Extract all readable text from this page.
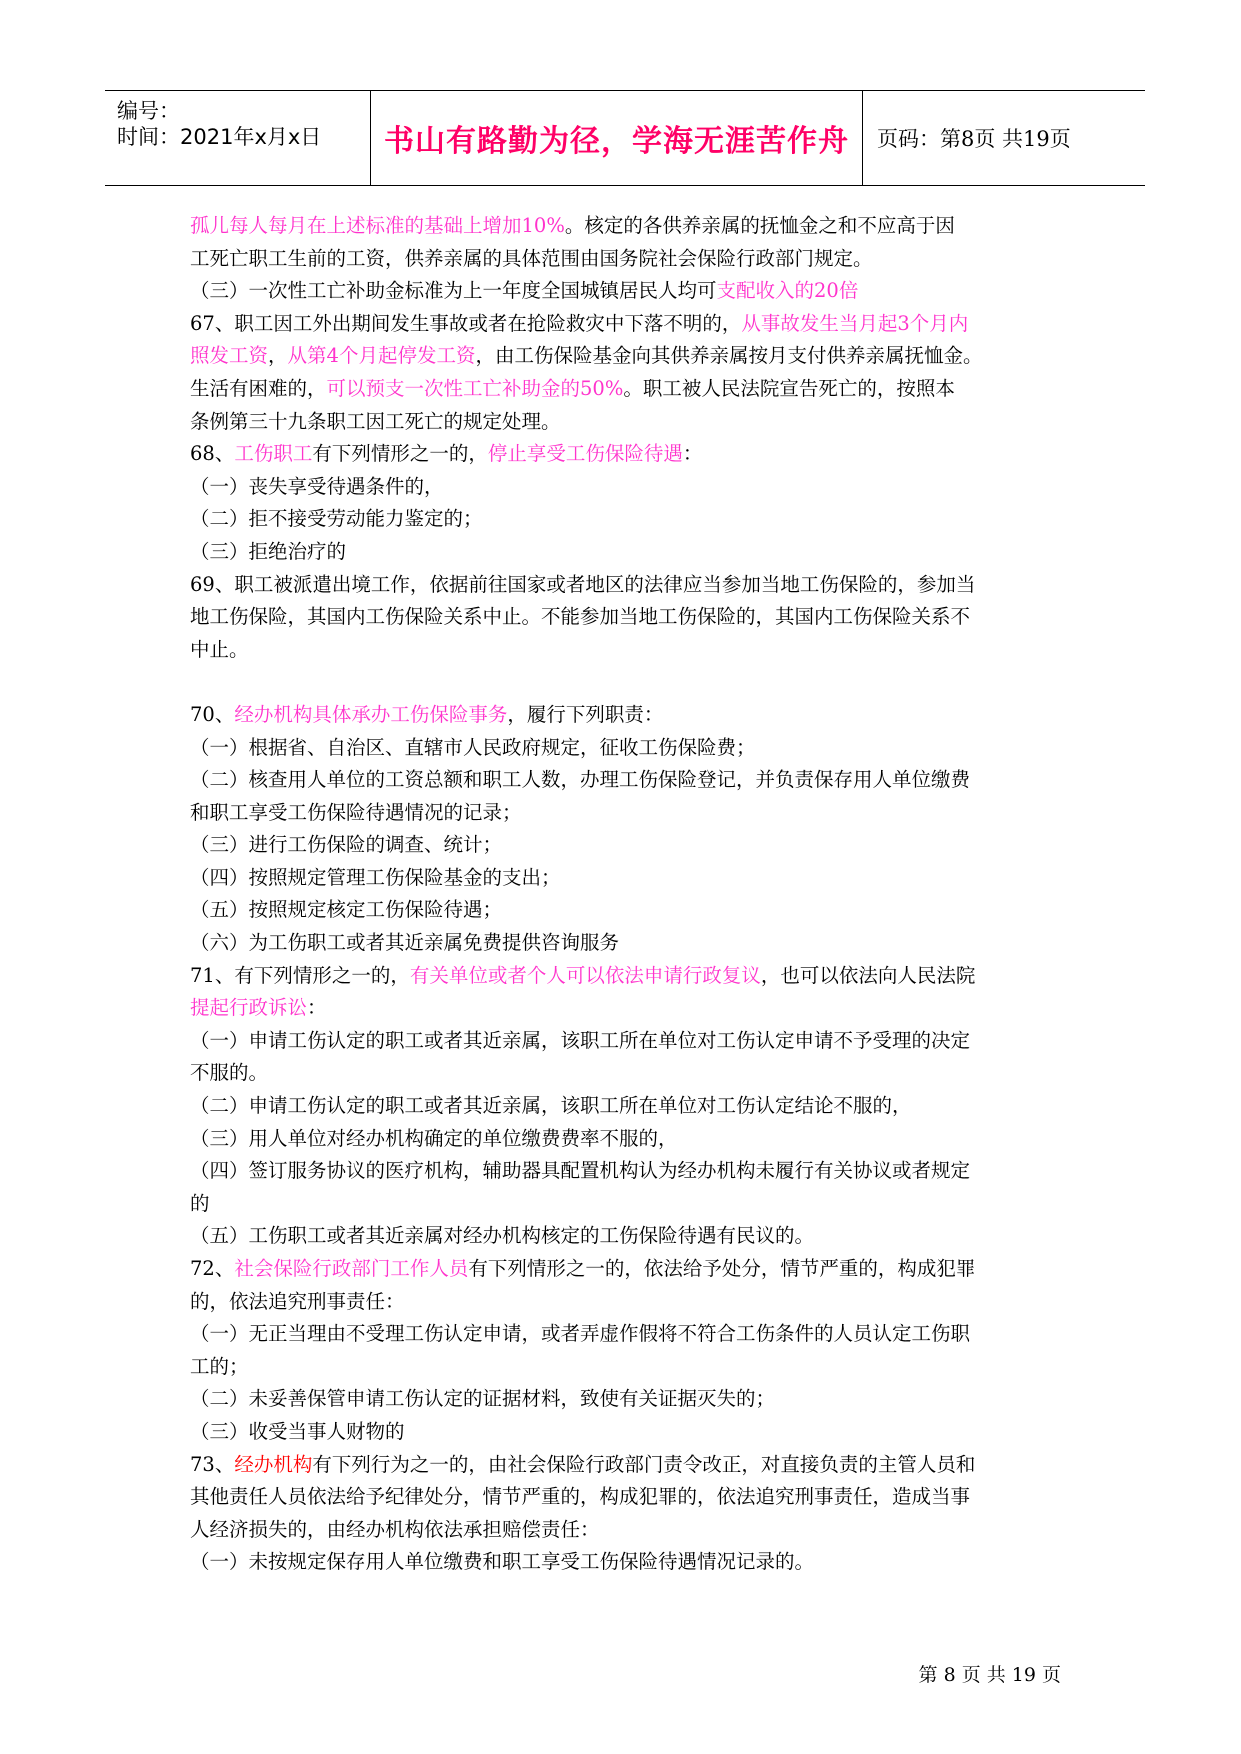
编号：
时间：2021年x月x日 书山有路勤为径，学海无涯苦作舟 页码：第8页 共19页

孤儿每人每月在上述标准的基础上增加10%。核定的各供养亲属的抚恤金之和不应高于因

工死亡职工生前的工资，供养亲属的具体范围由国务院社会保险行政部门规定。

（三）一次性工亡补助金标准为上一年度全国城镇居民人均可支配收入的20倍

67、职工因工外出期间发生事故或者在抢险救灾中下落不明的，从事故发生当月起3个月内

照发工资，从第4个月起停发工资，由工伤保险基金向其供养亲属按月支付供养亲属抚恤金。

生活有困难的，可以预支一次性工亡补助金的50%。职工被人民法院宣告死亡的，按照本

条例第三十九条职工因工死亡的规定处理。

68、工伤职工有下列情形之一的，停止享受工伤保险待遇：

（一）丧失享受待遇条件的，

（二）拒不接受劳动能力鉴定的；

（三）拒绝治疗的

69、职工被派遣出境工作，依据前往国家或者地区的法律应当参加当地工伤保险的，参加当

地工伤保险，其国内工伤保险关系中止。不能参加当地工伤保险的，其国内工伤保险关系不

中止。

70、经办机构具体承办工伤保险事务，履行下列职责：

（一）根据省、自治区、直辖市人民政府规定，征收工伤保险费；

（二）核查用人单位的工资总额和职工人数，办理工伤保险登记，并负责保存用人单位缴费

和职工享受工伤保险待遇情况的记录；

（三）进行工伤保险的调查、统计；

（四）按照规定管理工伤保险基金的支出；

（五）按照规定核定工伤保险待遇；

（六）为工伤职工或者其近亲属免费提供咨询服务

71、有下列情形之一的，有关单位或者个人可以依法申请行政复议，也可以依法向人民法院

提起行政诉讼：

（一）申请工伤认定的职工或者其近亲属，该职工所在单位对工伤认定申请不予受理的决定

不服的。

（二）申请工伤认定的职工或者其近亲属，该职工所在单位对工伤认定结论不服的，

（三）用人单位对经办机构确定的单位缴费费率不服的，

（四）签订服务协议的医疗机构，辅助器具配置机构认为经办机构未履行有关协议或者规定

的

（五）工伤职工或者其近亲属对经办机构核定的工伤保险待遇有民议的。

72、社会保险行政部门工作人员有下列情形之一的，依法给予处分，情节严重的，构成犯罪

的，依法追究刑事责任：

（一）无正当理由不受理工伤认定申请，或者弄虚作假将不符合工伤条件的人员认定工伤职

工的；

（二）未妥善保管申请工伤认定的证据材料，致使有关证据灭失的；

（三）收受当事人财物的

73、经办机构有下列行为之一的，由社会保险行政部门责令改正，对直接负责的主管人员和

其他责任人员依法给予纪律处分，情节严重的，构成犯罪的，依法追究刑事责任，造成当事

人经济损失的，由经办机构依法承担赔偿责任：

（一）未按规定保存用人单位缴费和职工享受工伤保险待遇情况记录的。

第 8 页 共 19 页
